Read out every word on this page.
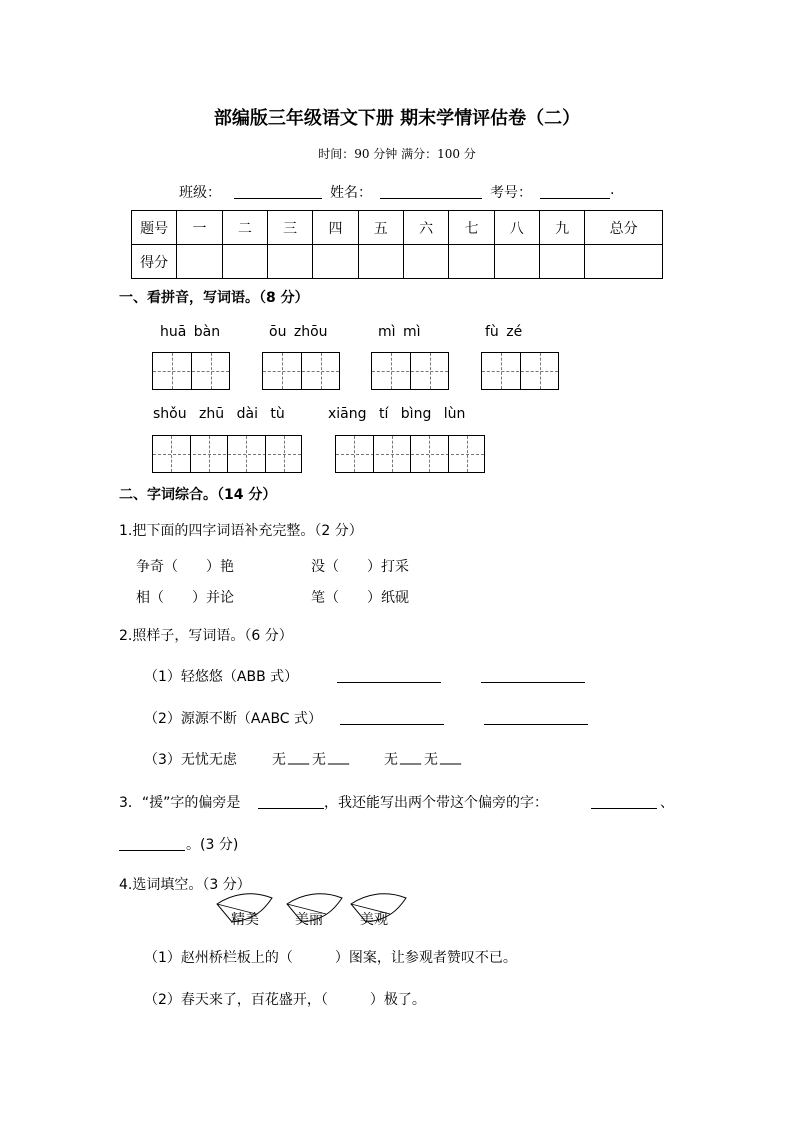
部编版三年级语文下册 期末学情评估卷（二）
时间：90 分钟 满分：100 分
班级：	姓名：	考号：	.
题号	一	二	三	四	五	六	七	八	九	总分
得分										
一、看拼音，写词语。（8 分）
huā bàn	ōu zhōu	mì mì	fù zé
shǒu zhū dài tù	xiāng tí bìng lùn
二、字词综合。（14 分）
1.把下面的四字词语补充完整。（2 分）
争奇（　　）艳	没（　　）打采
相（　　）并论	笔（　　）纸砚
2.照样子，写词语。（6 分）
（1）轻悠悠（ABB 式）
（2）源源不断（AABC 式）
（3）无忧无虑	无 ___ 无 ___	无 ___ 无 ___
3．“援”字的偏旁是	，我还能写出两个带这个偏旁的字：	、
。(3 分)
4.选词填空。（3 分）
精美	美丽	美观
（1）赵州桥栏板上的（　　　）图案，让参观者赞叹不已。
（2）春天来了，百花盛开，（　　　）极了。
